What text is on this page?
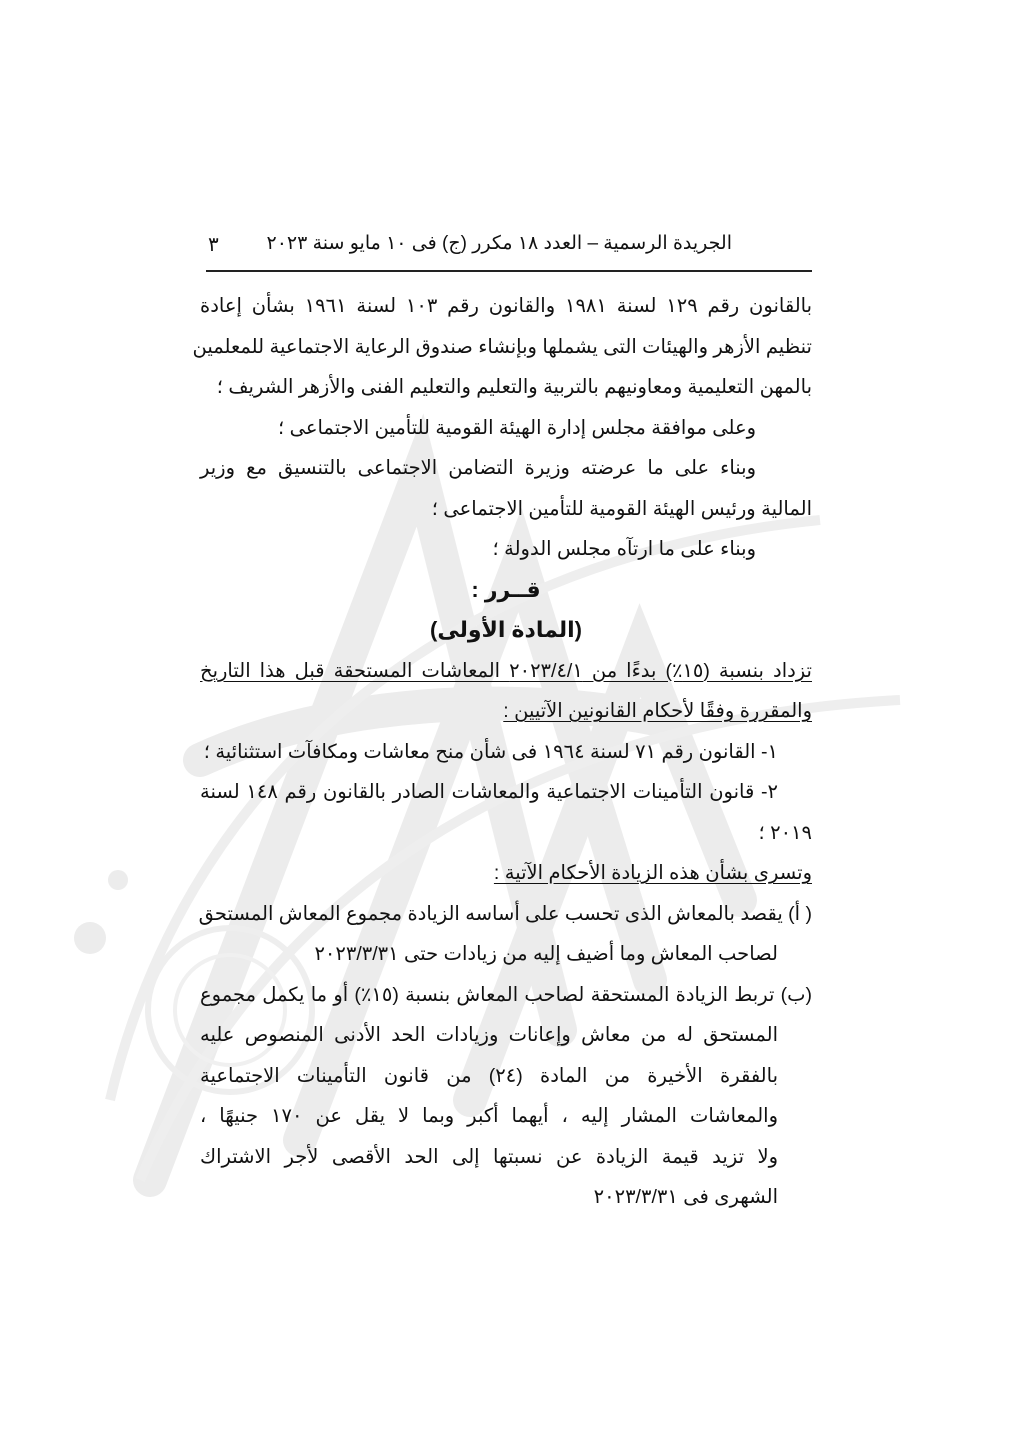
الجريدة الرسمية – العدد ١٨ مكرر (ج) فى ١٠ مايو سنة ٢٠٢٣
٣
بالقانون رقم ١٢٩ لسنة ١٩٨١ والقانون رقم ١٠٣ لسنة ١٩٦١ بشأن إعادة
تنظيم الأزهر والهيئات التى يشملها وبإنشاء صندوق الرعاية الاجتماعية للمعلمين
بالمهن التعليمية ومعاونيهم بالتربية والتعليم والتعليم الفنى والأزهر الشريف ؛
وعلى موافقة مجلس إدارة الهيئة القومية للتأمين الاجتماعى ؛
وبناء على ما عرضته وزيرة التضامن الاجتماعى بالتنسيق مع وزير
المالية ورئيس الهيئة القومية للتأمين الاجتماعى ؛
وبناء على ما ارتآه مجلس الدولة ؛
قــرر :
(المادة الأولى)
تزداد بنسبة (١٥٪) بدءًا من ٢٠٢٣/٤/١ المعاشات المستحقة قبل هذا التاريخ
والمقررة وفقًا لأحكام القانونين الآتيين :
١- القانون رقم ٧١ لسنة ١٩٦٤ فى شأن منح معاشات ومكافآت استثنائية ؛
٢- قانون التأمينات الاجتماعية والمعاشات الصادر بالقانون رقم ١٤٨ لسنة
٢٠١٩ ؛
وتسرى بشأن هذه الزيادة الأحكام الآتية :
( أ) يقصد بالمعاش الذى تحسب على أساسه الزيادة مجموع المعاش المستحق
لصاحب المعاش وما أضيف إليه من زيادات حتى ٢٠٢٣/٣/٣١
(ب) تربط الزيادة المستحقة لصاحب المعاش بنسبة (١٥٪) أو ما يكمل مجموع
المستحق له من معاش وإعانات وزيادات الحد الأدنى المنصوص عليه
بالفقرة الأخيرة من المادة (٢٤) من قانون التأمينات الاجتماعية
والمعاشات المشار إليه ، أيهما أكبر وبما لا يقل عن ١٧٠ جنيهًا ،
ولا تزيد قيمة الزيادة عن نسبتها إلى الحد الأقصى لأجر الاشتراك
الشهرى فى ٢٠٢٣/٣/٣١
